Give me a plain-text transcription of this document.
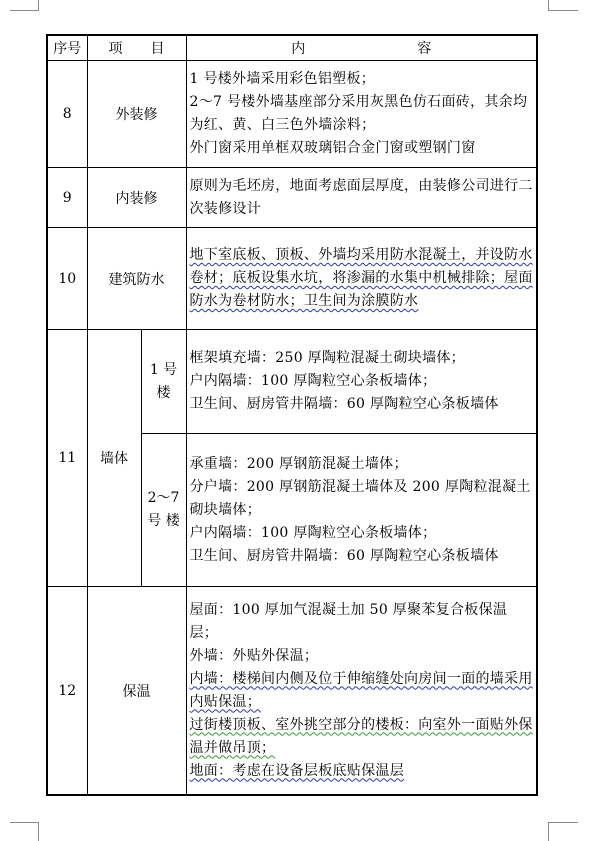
序号	项　　目		内　　　　　　　　容
8	外装修		1 号楼外墙采用彩色铝塑板；
2～7 号楼外墙基座部分采用灰黑色仿石面砖，其余均为红、黄、白三色外墙涂料；
外门窗采用单框双玻璃铝合金门窗或塑钢门窗

9	内装修		原则为毛坯房，地面考虑面层厚度，由装修公司进行二次装修设计

10	建筑防水		地下室底板、顶板、外墙均采用防水混凝土，并设防水卷材；底板设集水坑，将渗漏的水集中机械排除；屋面防水为卷材防水；卫生间为涂膜防水

11	墙体	1 号 楼	框架填充墙：250 厚陶粒混凝土砌块墙体；
户内隔墙：100 厚陶粒空心条板墙体；
卫生间、厨房管井隔墙：60 厚陶粒空心条板墙体

		2～7 号 楼	承重墙：200 厚钢筋混凝土墙体；
分户墙：200 厚钢筋混凝土墙体及 200 厚陶粒混凝土砌块墙体；
户内隔墙：100 厚陶粒空心条板墙体；
卫生间、厨房管井隔墙：60 厚陶粒空心条板墙体

12	保温		屋面：100 厚加气混凝土加 50 厚聚苯复合板保温层；
外墙：外贴外保温；
内墙：楼梯间内侧及位于伸缩缝处向房间一面的墙采用内贴保温；
过街楼顶板、室外挑空部分的楼板：向室外一面贴外保温并做吊顶；
地面：考虑在设备层板底贴保温层
